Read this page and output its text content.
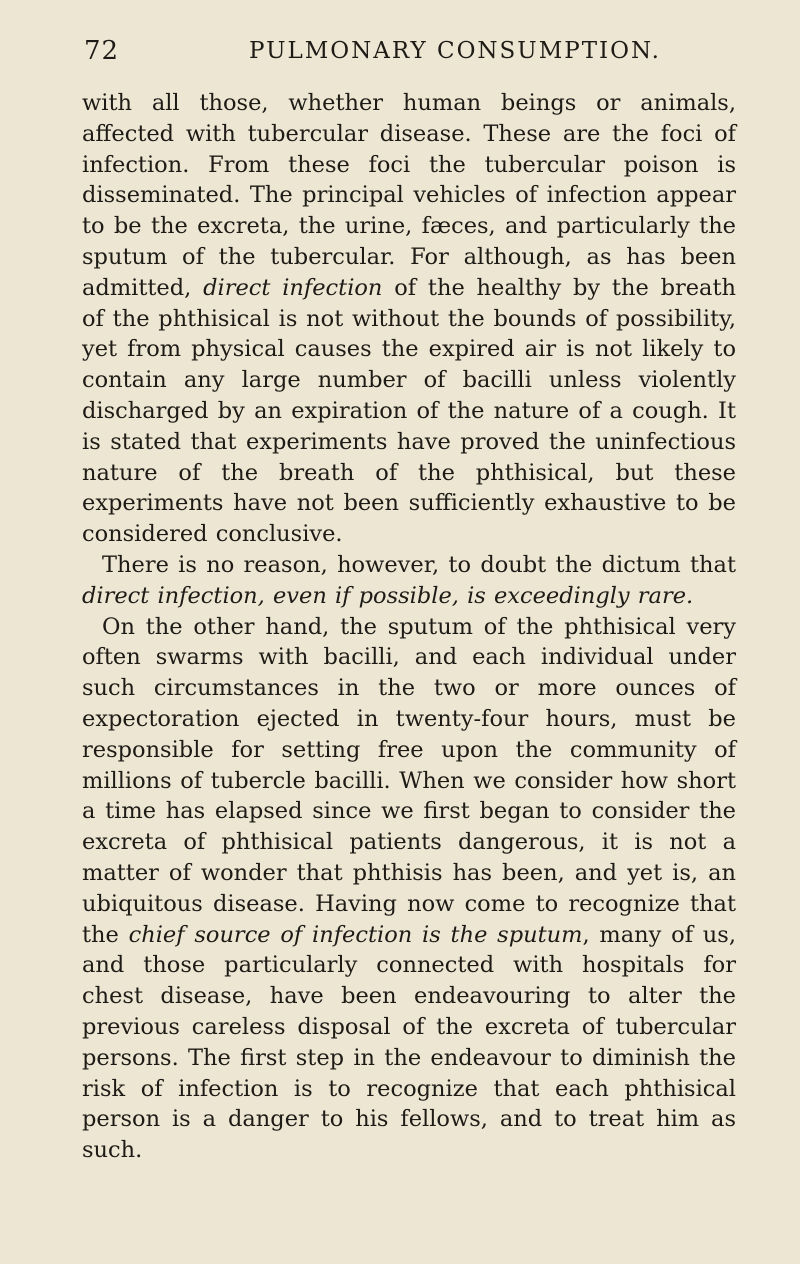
72	PULMONARY CONSUMPTION.

with all those, whether human beings or animals, affected with tubercular disease. These are the foci of infection. From these foci the tubercular poison is disseminated. The principal vehicles of infection appear to be the excreta, the urine, fæces, and particularly the sputum of the tubercular. For although, as has been admitted, direct infection of the healthy by the breath of the phthisical is not without the bounds of possibility, yet from physical causes the expired air is not likely to contain any large number of bacilli unless violently discharged by an expiration of the nature of a cough. It is stated that experiments have proved the uninfectious nature of the breath of the phthisical, but these experiments have not been sufficiently exhaustive to be considered conclusive.

There is no reason, however, to doubt the dictum that direct infection, even if possible, is exceedingly rare.

On the other hand, the sputum of the phthisical very often swarms with bacilli, and each individual under such circumstances in the two or more ounces of expectoration ejected in twenty-four hours, must be responsible for setting free upon the community of millions of tubercle bacilli. When we consider how short a time has elapsed since we first began to consider the excreta of phthisical patients dangerous, it is not a matter of wonder that phthisis has been, and yet is, an ubiquitous disease. Having now come to recognize that the chief source of infection is the sputum, many of us, and those particularly connected with hospitals for chest disease, have been endeavouring to alter the previous careless disposal of the excreta of tubercular persons. The first step in the endeavour to diminish the risk of infection is to recognize that each phthisical person is a danger to his fellows, and to treat him as such.
